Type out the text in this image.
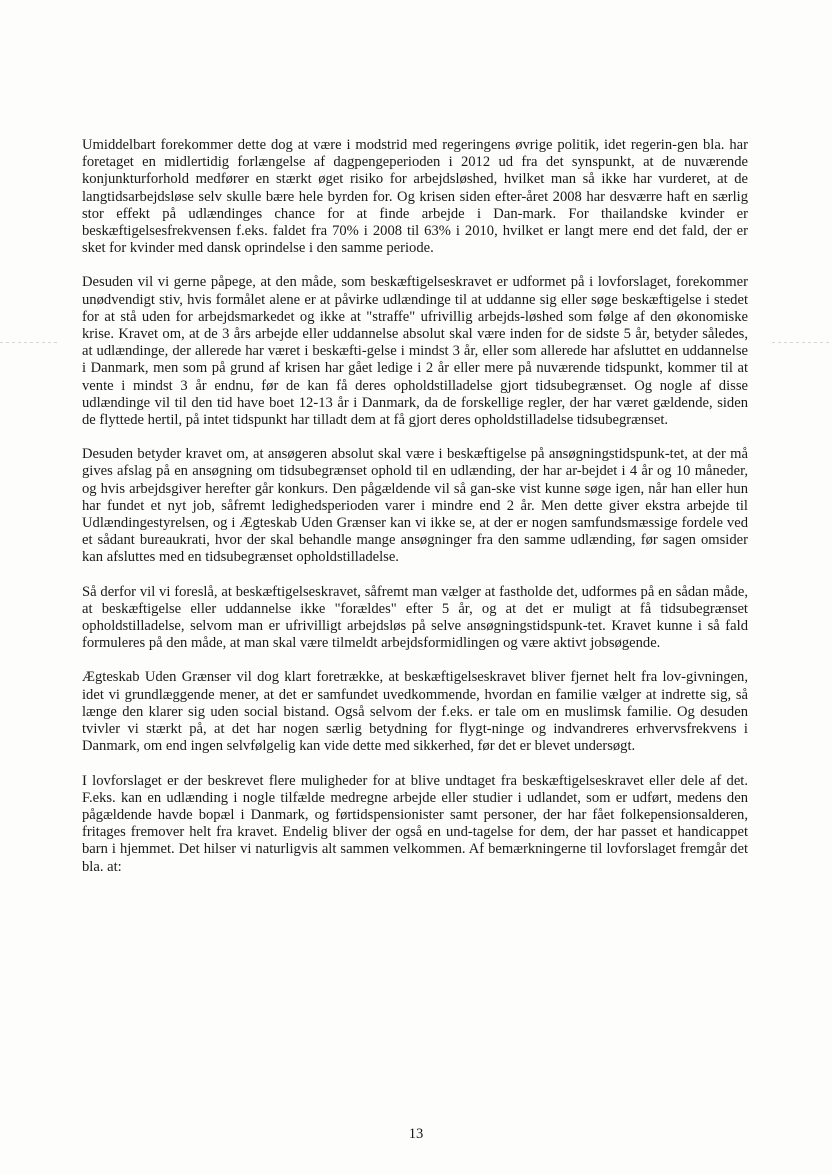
Umiddelbart forekommer dette dog at være i modstrid med regeringens øvrige politik, idet regerin-gen bla. har foretaget en midlertidig forlængelse af dagpengeperioden i 2012 ud fra det synspunkt, at de nuværende konjunkturforhold medfører en stærkt øget risiko for arbejdsløshed, hvilket man så ikke har vurderet, at de langtidsarbejdsløse selv skulle bære hele byrden for. Og krisen siden efter-året 2008 har desværre haft en særlig stor effekt på udlændinges chance for at finde arbejde i Dan-mark. For thailandske kvinder er beskæftigelsesfrekvensen f.eks. faldet fra 70% i 2008 til 63% i 2010, hvilket er langt mere end det fald, der er sket for kvinder med dansk oprindelse i den samme periode.

Desuden vil vi gerne påpege, at den måde, som beskæftigelseskravet er udformet på i lovforslaget, forekommer unødvendigt stiv, hvis formålet alene er at påvirke udlændinge til at uddanne sig eller søge beskæftigelse i stedet for at stå uden for arbejdsmarkedet og ikke at "straffe" ufrivillig arbejds-løshed som følge af den økonomiske krise. Kravet om, at de 3 års arbejde eller uddannelse absolut skal være inden for de sidste 5 år, betyder således, at udlændinge, der allerede har været i beskæfti-gelse i mindst 3 år, eller som allerede har afsluttet en uddannelse i Danmark, men som på grund af krisen har gået ledige i 2 år eller mere på nuværende tidspunkt, kommer til at vente i mindst 3 år endnu, før de kan få deres opholdstilladelse gjort tidsubegrænset. Og nogle af disse udlændinge vil til den tid have boet 12-13 år i Danmark, da de forskellige regler, der har været gældende, siden de flyttede hertil, på intet tidspunkt har tilladt dem at få gjort deres opholdstilladelse tidsubegrænset.

Desuden betyder kravet om, at ansøgeren absolut skal være i beskæftigelse på ansøgningstidspunk-tet, at der må gives afslag på en ansøgning om tidsubegrænset ophold til en udlænding, der har ar-bejdet i 4 år og 10 måneder, og hvis arbejdsgiver herefter går konkurs. Den pågældende vil så gan-ske vist kunne søge igen, når han eller hun har fundet et nyt job, såfremt ledighedsperioden varer i mindre end 2 år. Men dette giver ekstra arbejde til Udlændingestyrelsen, og i Ægteskab Uden Grænser kan vi ikke se, at der er nogen samfundsmæssige fordele ved et sådant bureaukrati, hvor der skal behandle mange ansøgninger fra den samme udlænding, før sagen omsider kan afsluttes med en tidsubegrænset opholdstilladelse.

Så derfor vil vi foreslå, at beskæftigelseskravet, såfremt man vælger at fastholde det, udformes på en sådan måde, at beskæftigelse eller uddannelse ikke "forældes" efter 5 år, og at det er muligt at få tidsubegrænset opholdstilladelse, selvom man er ufrivilligt arbejdsløs på selve ansøgningstidspunk-tet. Kravet kunne i så fald formuleres på den måde, at man skal være tilmeldt arbejdsformidlingen og være aktivt jobsøgende.

Ægteskab Uden Grænser vil dog klart foretrække, at beskæftigelseskravet bliver fjernet helt fra lov-givningen, idet vi grundlæggende mener, at det er samfundet uvedkommende, hvordan en familie vælger at indrette sig, så længe den klarer sig uden social bistand. Også selvom der f.eks. er tale om en muslimsk familie. Og desuden tvivler vi stærkt på, at det har nogen særlig betydning for flygt-ninge og indvandreres erhvervsfrekvens i Danmark, om end ingen selvfølgelig kan vide dette med sikkerhed, før det er blevet undersøgt.

I lovforslaget er der beskrevet flere muligheder for at blive undtaget fra beskæftigelseskravet eller dele af det. F.eks. kan en udlænding i nogle tilfælde medregne arbejde eller studier i udlandet, som er udført, medens den pågældende havde bopæl i Danmark, og førtidspensionister samt personer, der har fået folkepensionsalderen, fritages fremover helt fra kravet. Endelig bliver der også en und-tagelse for dem, der har passet et handicappet barn i hjemmet. Det hilser vi naturligvis alt sammen velkommen. Af bemærkningerne til lovforslaget fremgår det bla. at:

13
